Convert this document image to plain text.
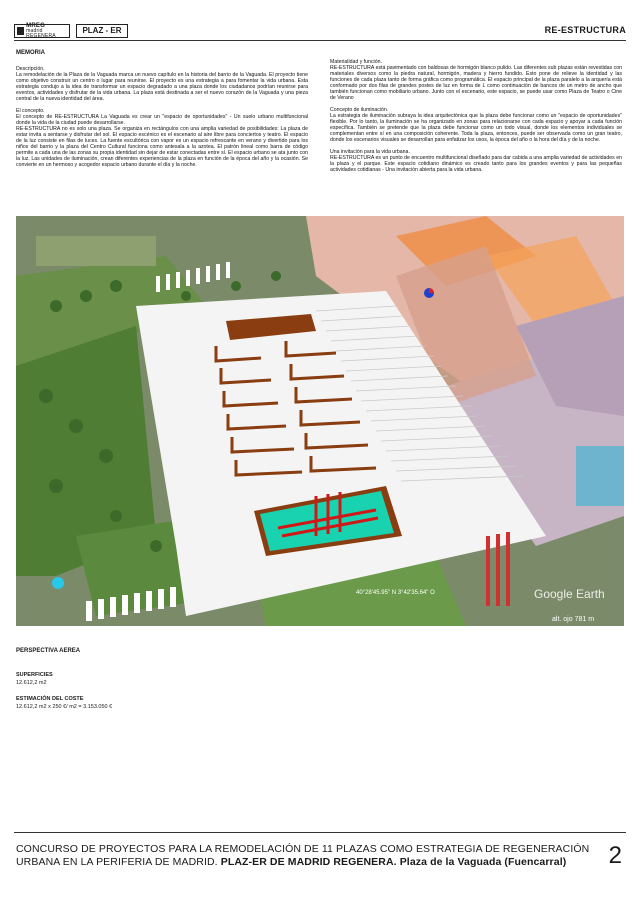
MREG
madrid REGENERA
PLAZ - ER	RE-ESTRUCTURA
MEMORIA

Descripción.
La remodelación de la Plaza de la Vaguada marca un nuevo capítulo en la historia del barrio de la Vaguada. El proyecto tiene como objetivo construir un centro o lugar para reunirse. El proyecto es una estrategia a para fomentar la vida urbana. Esta estrategia condujo a la idea de transformar un espacio degradado a una plaza donde los ciudadanos podrían reunirse para eventos, actividades y disfrutar de la vida urbana. La plaza está destinada a ser el nuevo corazón de la Vaguada y una pieza central de la nueva identidad del área.

El concepto.
El concepto de RE-ESTRUCTURA La Vaguada es crear un "espacio de oportunidades" - Un suelo urbano multifuncional donde la vida de la ciudad puede desarrollarse.
RE-ESTRUCTURA no es solo una plaza. Se organiza en rectángulos con una amplia variedad de posibilidades: La plaza de estar invita a sentarse y disfrutar del sol. El espacio escénico es el escenario al aire libre para conciertos y teatro. El espacio de la luz consiste en filas de luces. La fuente escultórica con vapor es un espacio refrescante en verano y divertido para los niños del barrio y la plaza del Centro Cultural funciona como antesala a la azotea. El patrón lineal como barra de código permite a cada una de las zonas su propia identidad sin dejar de estar conectadas entre sí. El espacio urbano se ata junto con la luz. Las unidades de iluminación, crean diferentes experiencias de la plaza en función de la época del año y la ocasión. Se convierte en un hermoso y acogedor espacio urbano durante el día y la noche.

Materialidad y función.
RE-ESTRUCTURA está pavimentado con baldosas de hormigón blanco pulido. Las diferentes sub plazas están revestidas con materiales diversos como la piedra natural, hormigón, madera y hierro fundido. Esto pone de relieve la identidad y las funciones de cada plaza tanto de forma gráfica como programática. El espacio principal de la plaza paralelo a la arquería está conformado por dos filas de grandes postes de luz en forma de L como continuación de bancos de un metro de ancho que también funcionan como mobiliario urbano. Junto con el escenario, este espacio, se puede usar como Plaza de Teatro o Cine de Verano

Concepto de iluminación.
La estrategia de iluminación subraya la idea arquitectónica que la plaza debe funcionar como un "espacio de oportunidades" flexible. Por lo tanto, la iluminación se ha organizado en zonas para relacionarse con cada espacio y apoyar a cada función específica. También se pretende que la plaza debe funcionar como un todo visual, donde los elementos individuales se complementan entre sí en una composición coherente. Toda la plaza, entonces, puede ser observada como un gran teatro, donde los escenarios visuales se desarrollan para enfatizar los usos, la época del año o la hora del día y de la noche.

Una invitación para la vida urbana.
RE-ESTRUCTURA es un punto de encuentro multifuncional diseñado para dar cabida a una amplia variedad de actividades en la plaza y el parque. Este espacio cotidiano dinámico es creado tanto para los grandes eventos y para las pequeñas actividades cotidianas - Una invitación abierta para la vida urbana.

40°28'45.95" N 3°42'35.64" O	Google Earth
alt. ojo 781 m
PERSPECTIVA AEREA
SUPERFICIES
12.612,2 m2
ESTIMACIÓN DEL COSTE
12.612,2 m2 x 250 €/ m2 = 3.153.050 €
CONCURSO DE PROYECTOS PARA LA REMODELACIÓN DE 11 PLAZAS COMO ESTRATEGIA DE REGENERACIÓN
URBANA EN LA PERIFERIA DE MADRID. PLAZ-ER DE MADRID REGENERA. Plaza de la Vaguada (Fuencarral)	2
